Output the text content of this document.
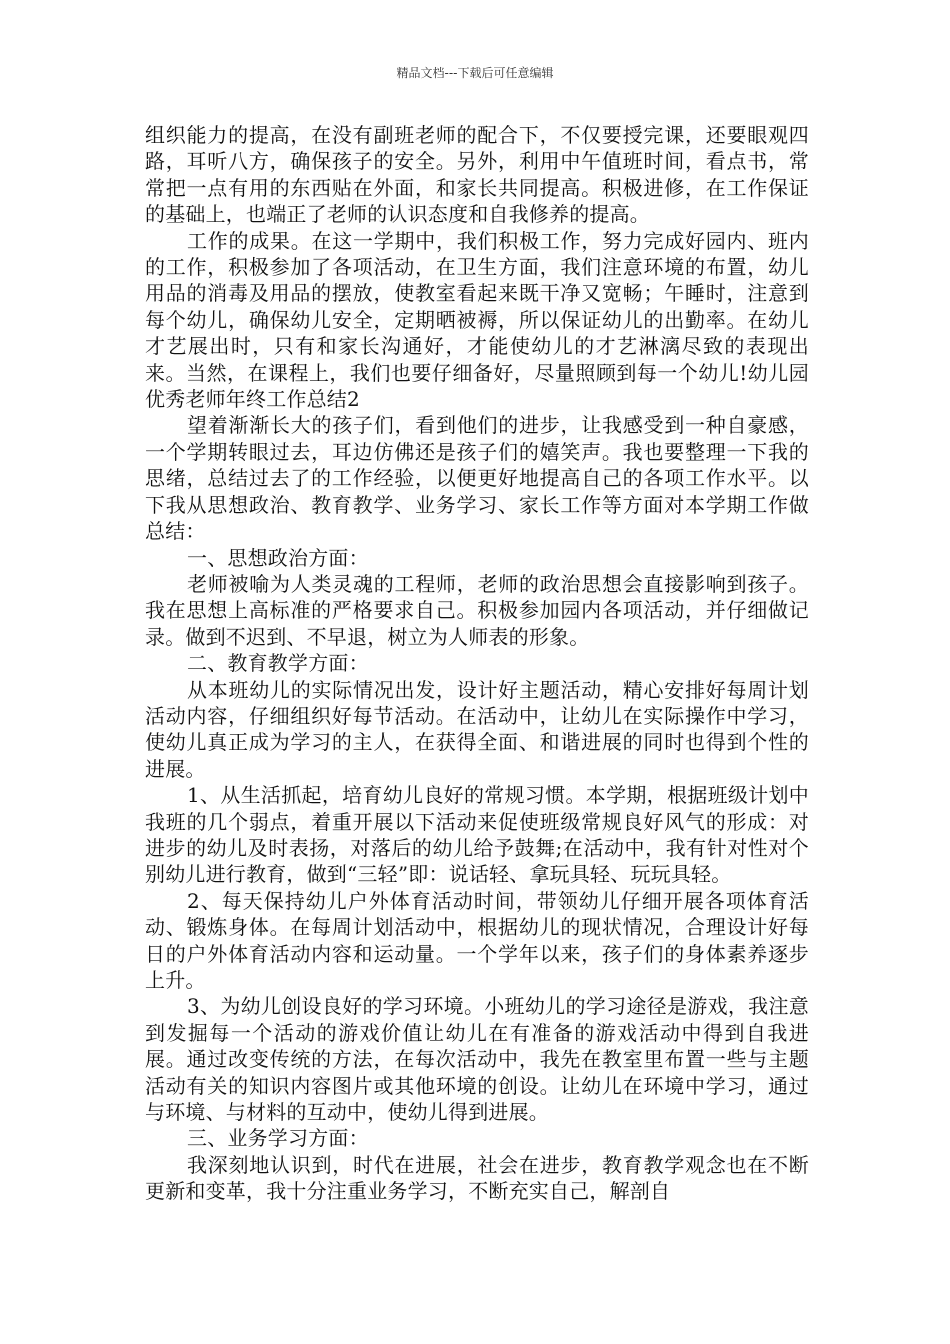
精品文档---下载后可任意编辑

组织能力的提高，在没有副班老师的配合下，不仅要授完课，还要眼观四路，耳听八方，确保孩子的安全。另外，利用中午值班时间，看点书，常常把一点有用的东西贴在外面，和家长共同提高。积极进修，在工作保证的基础上，也端正了老师的认识态度和自我修养的提高。

工作的成果。在这一学期中，我们积极工作，努力完成好园内、班内的工作，积极参加了各项活动，在卫生方面，我们注意环境的布置，幼儿用品的消毒及用品的摆放，使教室看起来既干净又宽畅；午睡时，注意到每个幼儿，确保幼儿安全，定期晒被褥，所以保证幼儿的出勤率。在幼儿才艺展出时，只有和家长沟通好，才能使幼儿的才艺淋漓尽致的表现出来。当然，在课程上，我们也要仔细备好，尽量照顾到每一个幼儿!幼儿园优秀老师年终工作总结2

望着渐渐长大的孩子们，看到他们的进步，让我感受到一种自豪感，一个学期转眼过去，耳边仿佛还是孩子们的嬉笑声。我也要整理一下我的思绪，总结过去了的工作经验，以便更好地提高自己的各项工作水平。以下我从思想政治、教育教学、业务学习、家长工作等方面对本学期工作做总结：

一、思想政治方面：

老师被喻为人类灵魂的工程师，老师的政治思想会直接影响到孩子。我在思想上高标准的严格要求自己。积极参加园内各项活动，并仔细做记录。做到不迟到、不早退，树立为人师表的形象。

二、教育教学方面：

从本班幼儿的实际情况出发，设计好主题活动，精心安排好每周计划活动内容，仔细组织好每节活动。在活动中，让幼儿在实际操作中学习，使幼儿真正成为学习的主人，在获得全面、和谐进展的同时也得到个性的进展。

1、从生活抓起，培育幼儿良好的常规习惯。本学期，根据班级计划中我班的几个弱点，着重开展以下活动来促使班级常规良好风气的形成：对进步的幼儿及时表扬，对落后的幼儿给予鼓舞;在活动中，我有针对性对个别幼儿进行教育，做到“三轻”即：说话轻、拿玩具轻、玩玩具轻。

2、每天保持幼儿户外体育活动时间，带领幼儿仔细开展各项体育活动、锻炼身体。在每周计划活动中，根据幼儿的现状情况，合理设计好每日的户外体育活动内容和运动量。一个学年以来，孩子们的身体素养逐步上升。

3、为幼儿创设良好的学习环境。小班幼儿的学习途径是游戏，我注意到发掘每一个活动的游戏价值让幼儿在有准备的游戏活动中得到自我进展。通过改变传统的方法，在每次活动中，我先在教室里布置一些与主题活动有关的知识内容图片或其他环境的创设。让幼儿在环境中学习，通过与环境、与材料的互动中，使幼儿得到进展。

三、业务学习方面：

我深刻地认识到，时代在进展，社会在进步，教育教学观念也在不断更新和变革，我十分注重业务学习，不断充实自己，解剖自
